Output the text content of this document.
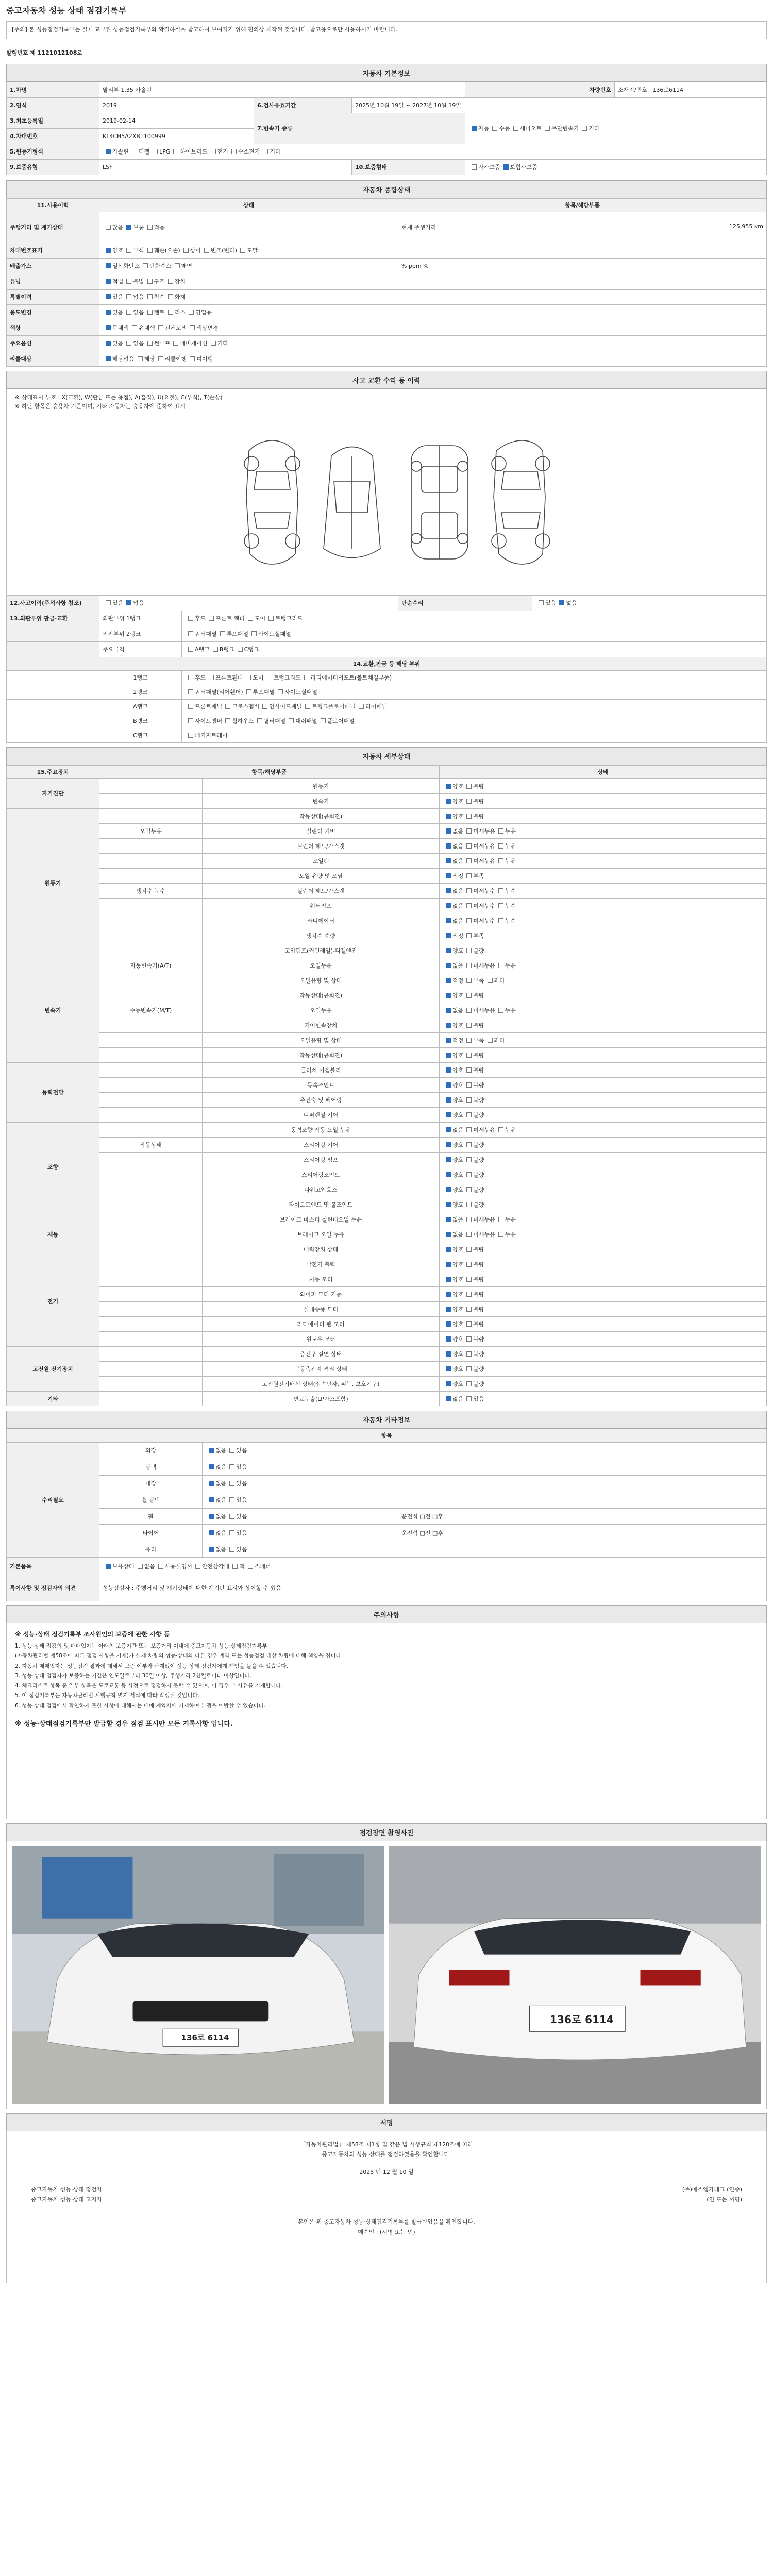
중고자동차 성능 상태 점검기록부
[주의] 본 성능점검기록부는 실제 교부된 성능점검기록부와 확결하실을 참고하여 보여지기 위해 편의상 재작된 것입니다. 참고용으로만 사용하시기 바랍니다.
발행번호 제 1121012108로
자동차 기본정보
1.차명	말리부 1.35 가솔린			차량번호	소재지/번호 136로6114
2.연식	2019	6.검사유효기간	2025년 10월 19일 ~ 2027년 10월 19일		
3.최초등록일	2019-02-14	7.변속기 종류		자동 수동 세미오토 무단변속기 기타	
4.차대번호	KL4CH5A2XB1100999				
5.원동기형식	가솔린 디젤 LPG 하이브리드 전기 수소전기 기타				
9.보증유형	LSF		10.보증형태	자가보증 보험사보증	
자동차 종합상태
11.사용이력	상태	항목/해당부품
주행거리 및 계기상태	많음 보통 적음	현재 주행거리 125,955 km

차대번호표기	양호 부식 훼손(오손) 상이 변조(변타) 도말	
배출가스	일산화탄소 탄화수소 매연	% ppm %
튜닝	적법 불법 구조 장치	
특별이력	있음 없음 침수 화재	
용도변경	있음 없음 렌트 리스 영업용	
색상	무채색 유채색 전체도색 색상변경	
주요옵션	있음 없음 썬루프 네비게이션 기타	
리콜대상	해당없음 해당 리콜이행 미이행	
사고 교환 수리 등 이력
※ 상태표시 부호 : X(교환), W(판금 또는 용접), A(흠집), U(요철), C(부식), T(손상)
※ 하단 항목은 승용차 기준이며, 기타 자동차는 승용차에 준하여 표시
12.사고이력(주석사항 참조)	있음 없음		단순수리	있음 없음
13.외판부위 판금·교환	외판부위 1랭크	후드 프론트 휀더 도어 트렁크리드		
	외판부위 2랭크	쿼터패널 루프패널 사이드실패널		
	주요골격	A랭크 B랭크 C랭크		
14.교환,판금 등 해당 부위				
	1랭크	후드 프론트휀더 도어 트렁크리드 라디에이터서포트(볼트체결부품)		
	2랭크	쿼터패널(리어휀더) 루프패널 사이드실패널		
	A랭크	프론트패널 크로스멤버 인사이드패널 트렁크플로어패널 리어패널		
	B랭크	사이드멤버 휠하우스 필러패널 대쉬패널 플로어패널		
	C랭크	패키지트레이		
자동차 세부상태
15.주요장치	항목/해당부품		상태
자기진단		원동기	양호 불량
		변속기	양호 불량
원동기		작동상태(공회전)	양호 불량
	오일누유	실린더 커버	없음 미세누유 누유
		실린더 헤드/가스켓	없음 미세누유 누유
		오일팬	없음 미세누유 누유
		오일 유량 및 오염	적정 부족
	냉각수 누수	실린더 헤드/가스켓	없음 미세누수 누수
		워터펌프	없음 미세누수 누수
		라디에이터	없음 미세누수 누수
		냉각수 수량	적정 부족
		고압펌프(커먼레일)-디젤엔진	양호 불량
변속기	자동변속기(A/T)	오일누유	없음 미세누유 누유
		오일유량 및 상태	적정 부족 과다
		작동상태(공회전)	양호 불량
	수동변속기(M/T)	오일누유	없음 미세누유 누유
		기어변속장치	양호 불량
		오일유량 및 상태	적정 부족 과다
		작동상태(공회전)	양호 불량
동력전달		클러치 어셈블리	양호 불량
		등속조인트	양호 불량
		추진축 및 베어링	양호 불량
		디퍼렌셜 기어	양호 불량
조향		동력조향 작동 오일 누유	없음 미세누유 누유
	작동상태	스티어링 기어	양호 불량
		스티어링 펌프	양호 불량
		스티어링조인트	양호 불량
		파워고압호스	양호 불량
		타이로드엔드 및 볼조인트	양호 불량
제동		브레이크 마스터 실린더오일 누유	없음 미세누유 누유
		브레이크 오일 누유	없음 미세누유 누유
		배력장치 상태	양호 불량
전기		발전기 출력	양호 불량
		시동 모터	양호 불량
		와이퍼 모터 기능	양호 불량
		실내송풍 모터	양호 불량
		라디에이터 팬 모터	양호 불량
		윈도우 모터	양호 불량
고전원 전기장치		충전구 절연 상태	양호 불량
		구동축전지 격리 상태	양호 불량
		고전원전기배선 상태(접속단자, 피복, 보호기구)	양호 불량
기타		연료누출(LP가스포함)	없음 있음
자동차 기타정보
항목			
수리필요	외장	없음 있음	
	광택	없음 있음	
	내장	없음 있음	
	휠 광택	없음 있음	
	휠	없음 있음	운전석 □전 □후
	타이어	없음 있음	운전석 □전 □후
	유리	없음 있음	
기본품목	보유상태 없음 사용설명서 안전삼각대 잭 스패너		
특이사항 및 점검자의 의견	성능점검자 : 주행거리 및 계기상태에 대한 계기판 표시와 상이할 수 있음		
주의사항
※ 성능·상태 점검기록부 조사원인의 보증에 관한 사항 등

1. 성능·상태 점검의 및 매매업자는 아래의 보증기간 또는 보증거리 이내에 중고자동차 성능·상태점검기록부

(자동차관리법 제58조에 따른 점검 사항을 기재)가 실제 차량의 성능·상태와 다른 경우 계약 또는 성능점검 대상 차량에 대해 책임을 집니다.

2. 자동차 매매업자는 성능점검 결과에 대해서 보증 여부와 관계없이 성능·상태 점검자에게 책임을 물을 수 있습니다.

3. 성능·상태 점검자가 보증하는 기간은 인도일로부터 30일 이상, 주행거리 2천킬로미터 이상입니다.

4. 체크리스트 항목 중 일부 항목은 도로교통 등 사정으로 점검하지 못할 수 있으며, 이 경우 그 사유를 기재합니다.

5. 이 점검기록부는 자동차관리법 시행규칙 별지 서식에 따라 작성된 것입니다.

6. 성능·상태 점검에서 확인하지 못한 사항에 대해서는 매매 계약서에 기재하여 분쟁을 예방할 수 있습니다.

※ 성능·상태점검기록부만 발급할 경우 점검 표시만 모든 기록사항 입니다.
점검장면 촬영사진
136로 6114
136로 6114
서명
「자동차관리법」 제58조 제1항 및 같은 법 시행규칙 제120조에 따라
중고자동차의 성능·상태를 점검하였음을 확인합니다.
2025 년 12 월 10 일
중고자동차 성능·상태 점검자	(주)에스엠카테크 (인증)
중고자동차 성능·상태 고지자	(인 또는 서명)
본인은 위 중고자동차 성능·상태점검기록부를 발급받았음을 확인합니다.
매수인 : (서명 또는 인)
